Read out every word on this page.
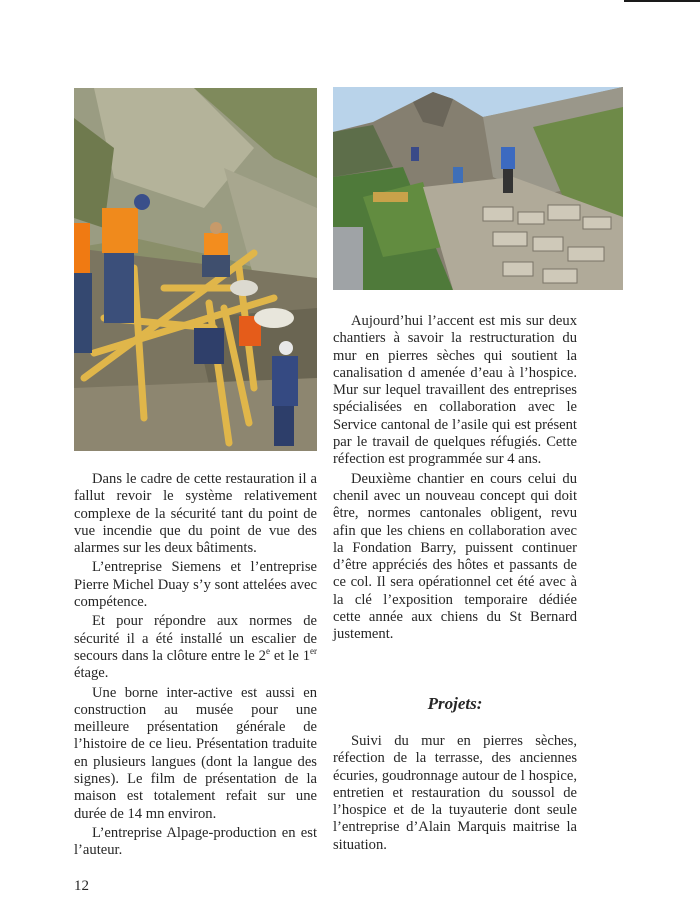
Dans le cadre de cette restauration il a fallut revoir le système relativement complexe de la sécurité tant du point de vue incendie que du point de vue des alarmes sur les deux bâtiments.

L’entreprise Siemens et l’entreprise Pierre Michel Duay s’y sont attelées avec compétence.

Et pour répondre aux normes de sécurité il a été installé un escalier de secours dans la clôture entre le 2e et le 1er étage.

Une borne inter-active est aussi en construction au musée pour une meilleure présentation générale de l’histoire de ce lieu. Présentation traduite en plusieurs langues (dont la langue des signes). Le film de présentation de la maison est totalement refait sur une durée de 14 mn environ.

L’entreprise Alpage-production en est l’auteur.

Aujourd’hui l’accent est mis sur deux chantiers à savoir la restructuration du mur en pierres sèches qui soutient la canalisation d amenée d’eau à l’hospice. Mur sur lequel travaillent des entreprises spécialisées en collaboration avec le Service cantonal de l’asile qui est présent par le travail de quelques réfugiés. Cette réfection est programmée sur 4 ans.

Deuxième chantier en cours celui du chenil avec un nouveau concept qui doit être, normes cantonales obligent, revu afin que les chiens en collaboration avec la Fondation Barry, puissent continuer d’être appréciés des hôtes et passants de ce col. Il sera opérationnel cet été avec à la clé l’exposition temporaire dédiée cette année aux chiens du St Bernard justement.

Projets:

Suivi du mur en pierres sèches, réfection de la terrasse, des anciennes écuries, goudronnage autour de l hospice, entretien et restauration du soussol de l’hospice et de la tuyauterie dont seule l’entreprise d’Alain Marquis maitrise la situation.

12
